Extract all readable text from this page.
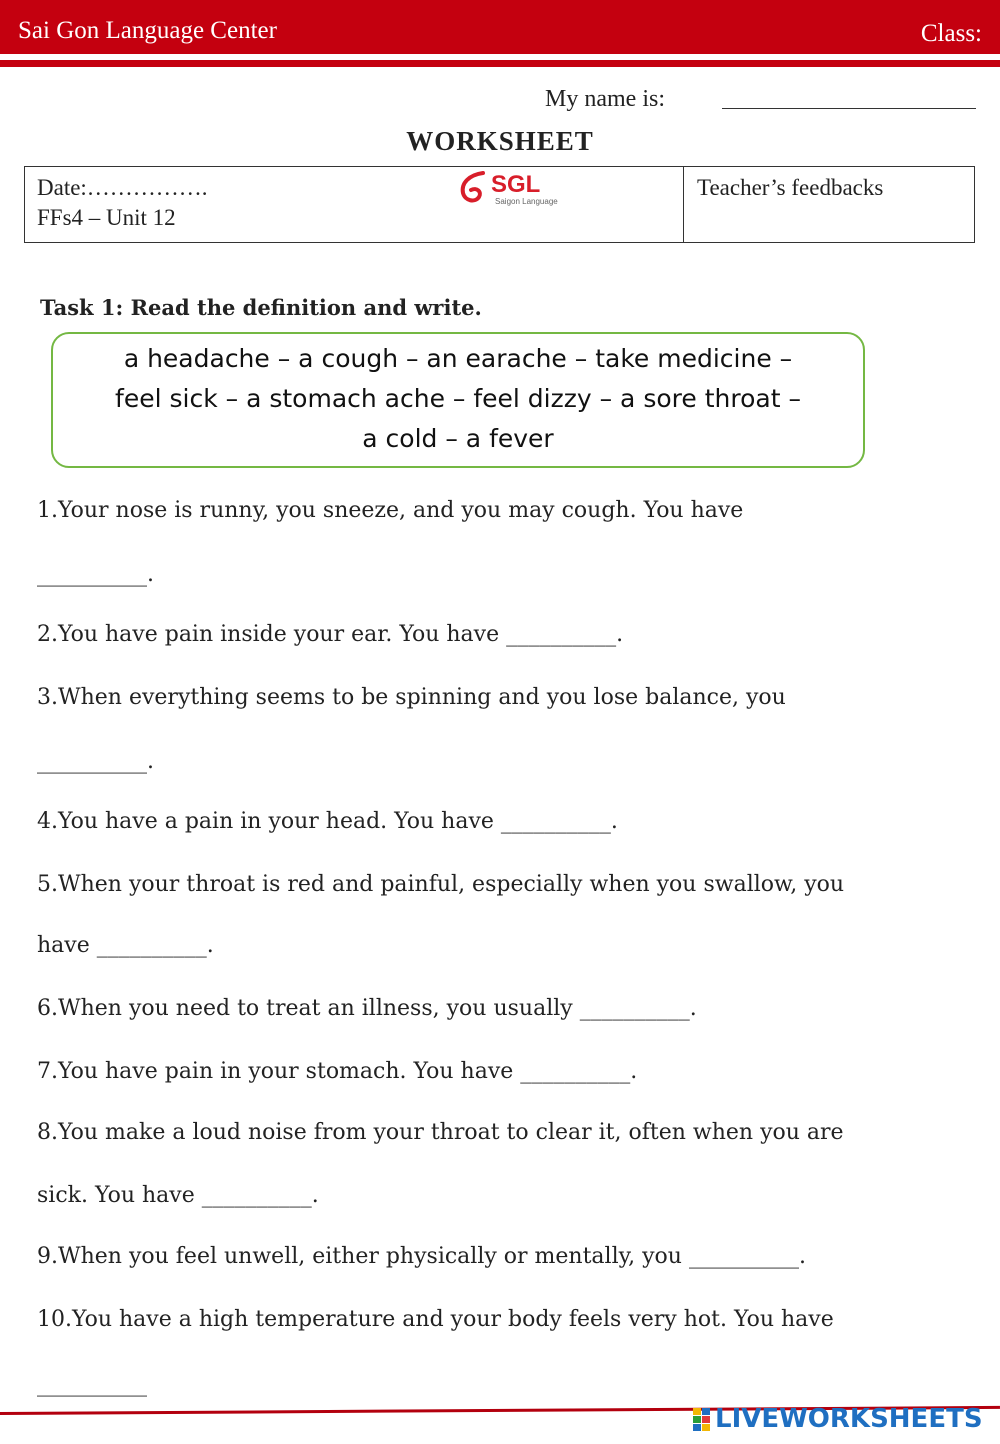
Sai Gon Language Center	Class:
My name is:
WORKSHEET
Date:…………….
FFs4 – Unit 12
SGL
Saigon Language
Teacher’s feedbacks
Task 1: Read the definition and write.
a headache – a cough – an earache – take medicine –
feel sick – a stomach ache – feel dizzy – a sore throat –
a cold – a fever
1.Your nose is runny, you sneeze, and you may cough. You have
__________.
2.You have pain inside your ear. You have __________.
3.When everything seems to be spinning and you lose balance, you
__________.
4.You have a pain in your head. You have __________.
5.When your throat is red and painful, especially when you swallow, you
have __________.
6.When you need to treat an illness, you usually __________.
7.You have pain in your stomach. You have __________.
8.You make a loud noise from your throat to clear it, often when you are
sick. You have __________.
9.When you feel unwell, either physically or mentally, you __________.
10.You have a high temperature and your body feels very hot. You have
__________
LIVEWORKSHEETS
